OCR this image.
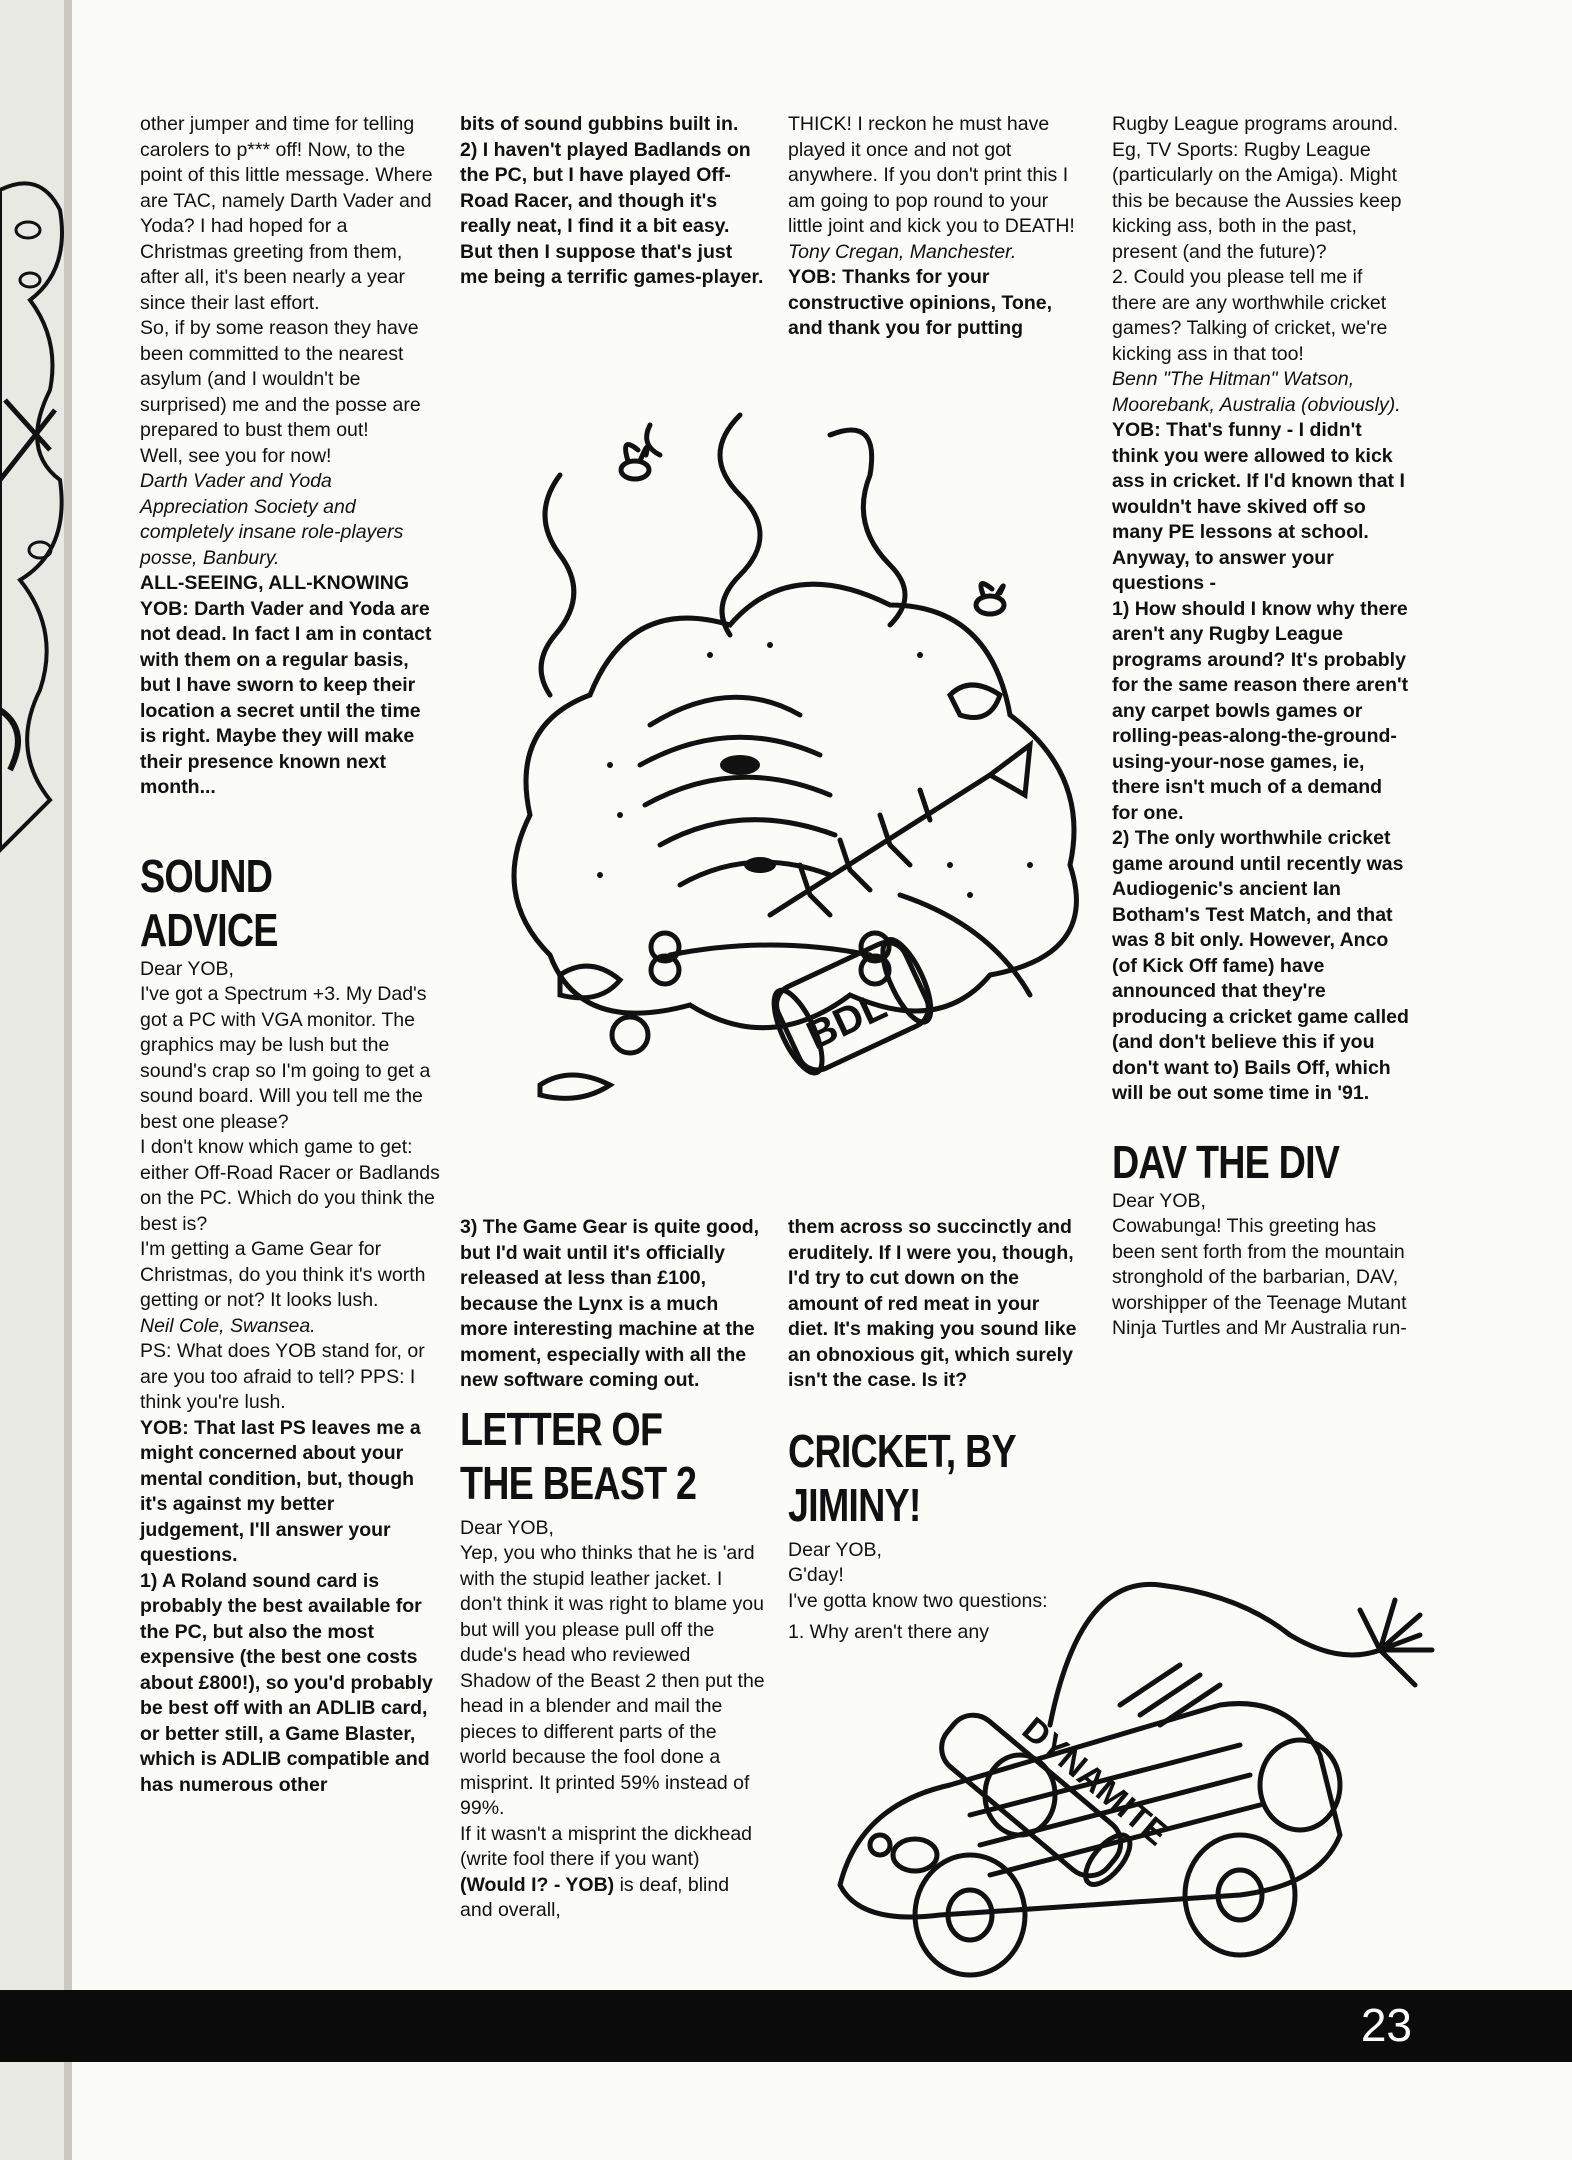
other jumper and time for telling carolers to p*** off! Now, to the point of this little message. Where are TAC, namely Darth Vader and Yoda? I had hoped for a Christmas greeting from them, after all, it's been nearly a year since their last effort.

So, if by some reason they have been committed to the nearest asylum (and I wouldn't be surprised) me and the posse are prepared to bust them out!

Well, see you for now!

Darth Vader and Yoda Appreciation Society and completely insane role-players posse, Banbury.

ALL-SEEING, ALL-KNOWING YOB: Darth Vader and Yoda are not dead. In fact I am in contact with them on a regular basis, but I have sworn to keep their location a secret until the time is right. Maybe they will make their presence known next month...

SOUND
ADVICE

Dear YOB,

I've got a Spectrum +3. My Dad's got a PC with VGA monitor. The graphics may be lush but the sound's crap so I'm going to get a sound board. Will you tell me the best one please?

I don't know which game to get: either Off-Road Racer or Badlands on the PC. Which do you think the best is?

I'm getting a Game Gear for Christmas, do you think it's worth getting or not? It looks lush.

Neil Cole, Swansea.

PS: What does YOB stand for, or are you too afraid to tell? PPS: I think you're lush.

YOB: That last PS leaves me a might concerned about your mental condition, but, though it's against my better judgement, I'll answer your questions.

1) A Roland sound card is probably the best available for the PC, but also the most expensive (the best one costs about £800!), so you'd probably be best off with an ADLIB card, or better still, a Game Blaster, which is ADLIB compatible and has numerous other

bits of sound gubbins built in.

2) I haven't played Badlands on the PC, but I have played Off-Road Racer, and though it's really neat, I find it a bit easy. But then I suppose that's just me being a terrific games-player.

THICK! I reckon he must have played it once and not got anywhere. If you don't print this I am going to pop round to your little joint and kick you to DEATH!

Tony Cregan, Manchester.

YOB: Thanks for your constructive opinions, Tone, and thank you for putting

Rugby League programs around. Eg, TV Sports: Rugby League (particularly on the Amiga). Might this be because the Aussies keep kicking ass, both in the past, present (and the future)?

2. Could you please tell me if there are any worthwhile cricket games? Talking of cricket, we're kicking ass in that too!

Benn "The Hitman" Watson, Moorebank, Australia (obviously).

YOB: That's funny - I didn't think you were allowed to kick ass in cricket. If I'd known that I wouldn't have skived off so many PE lessons at school. Anyway, to answer your questions -

1) How should I know why there aren't any Rugby League programs around? It's probably for the same reason there aren't any carpet bowls games or rolling-peas-along-the-ground-using-your-nose games, ie, there isn't much of a demand for one.

2) The only worthwhile cricket game around until recently was Audiogenic's ancient Ian Botham's Test Match, and that was 8 bit only. However, Anco (of Kick Off fame) have announced that they're producing a cricket game called (and don't believe this if you don't want to) Bails Off, which will be out some time in '91.

DAV THE DIV

Dear YOB,

Cowabunga! This greeting has been sent forth from the mountain stronghold of the barbarian, DAV, worshipper of the Teenage Mutant Ninja Turtles and Mr Australia run-

3) The Game Gear is quite good, but I'd wait until it's officially released at less than £100, because the Lynx is a much more interesting machine at the moment, especially with all the new software coming out.

LETTER OF
THE BEAST 2

Dear YOB,

Yep, you who thinks that he is 'ard with the stupid leather jacket. I don't think it was right to blame you but will you please pull off the dude's head who reviewed Shadow of the Beast 2 then put the head in a blender and mail the pieces to different parts of the world because the fool done a misprint. It printed 59% instead of 99%.

If it wasn't a misprint the dickhead (write fool there if you want) (Would I? - YOB) is deaf, blind and overall,

them across so succinctly and eruditely. If I were you, though, I'd try to cut down on the amount of red meat in your diet. It's making you sound like an obnoxious git, which surely isn't the case. Is it?

CRICKET, BY
JIMINY!

Dear YOB,

G'day!

I've gotta know two questions:

1. Why aren't there any

BDL
DYNAMITE
23
